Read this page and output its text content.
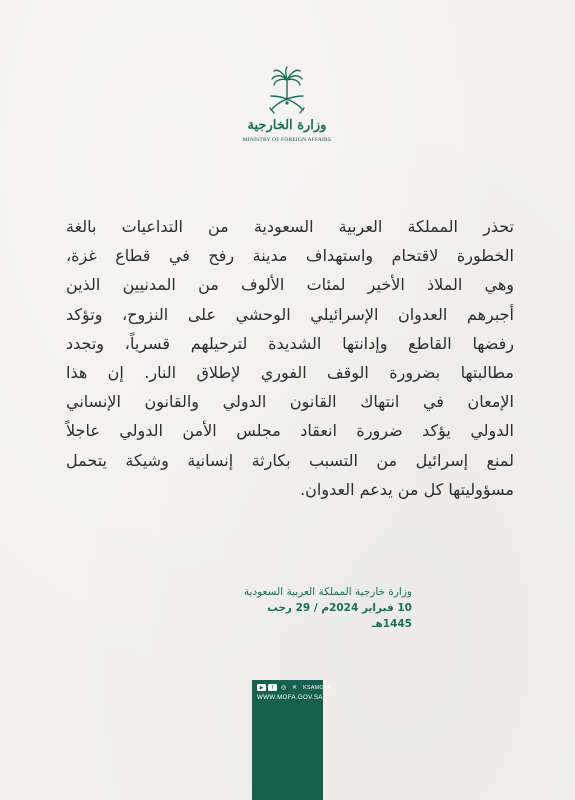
وزارة الخارجية
MINISTRY OF FOREIGN AFFAIRS
تحذر المملكة العربية السعودية من التداعيات بالغة
الخطورة لاقتحام واستهداف مدينة رفح في قطاع غزة،
وهي الملاذ الأخير لمئات الألوف من المدنيين الذين
أجبرهم العدوان الإسرائيلي الوحشي على النزوح، وتؤكد
رفضها القاطع وإدانتها الشديدة لترحيلهم قسرياً، وتجدد
مطالبتها بضرورة الوقف الفوري لإطلاق النار. إن هذا
الإمعان في انتهاك القانون الدولي والقانون الإنساني
الدولي يؤكد ضرورة انعقاد مجلس الأمن الدولي عاجلاً
لمنع إسرائيل من التسبب بكارثة إنسانية وشيكة يتحمل
مسؤوليتها كل من يدعم العدوان.
وزارة خارجية المملكة العربية السعودية
10 فبراير 2024م / 29 رجب 1445هـ
▶	f	◎ ✕	KSAMOFA
WWW.MOFA.GOV.SA
